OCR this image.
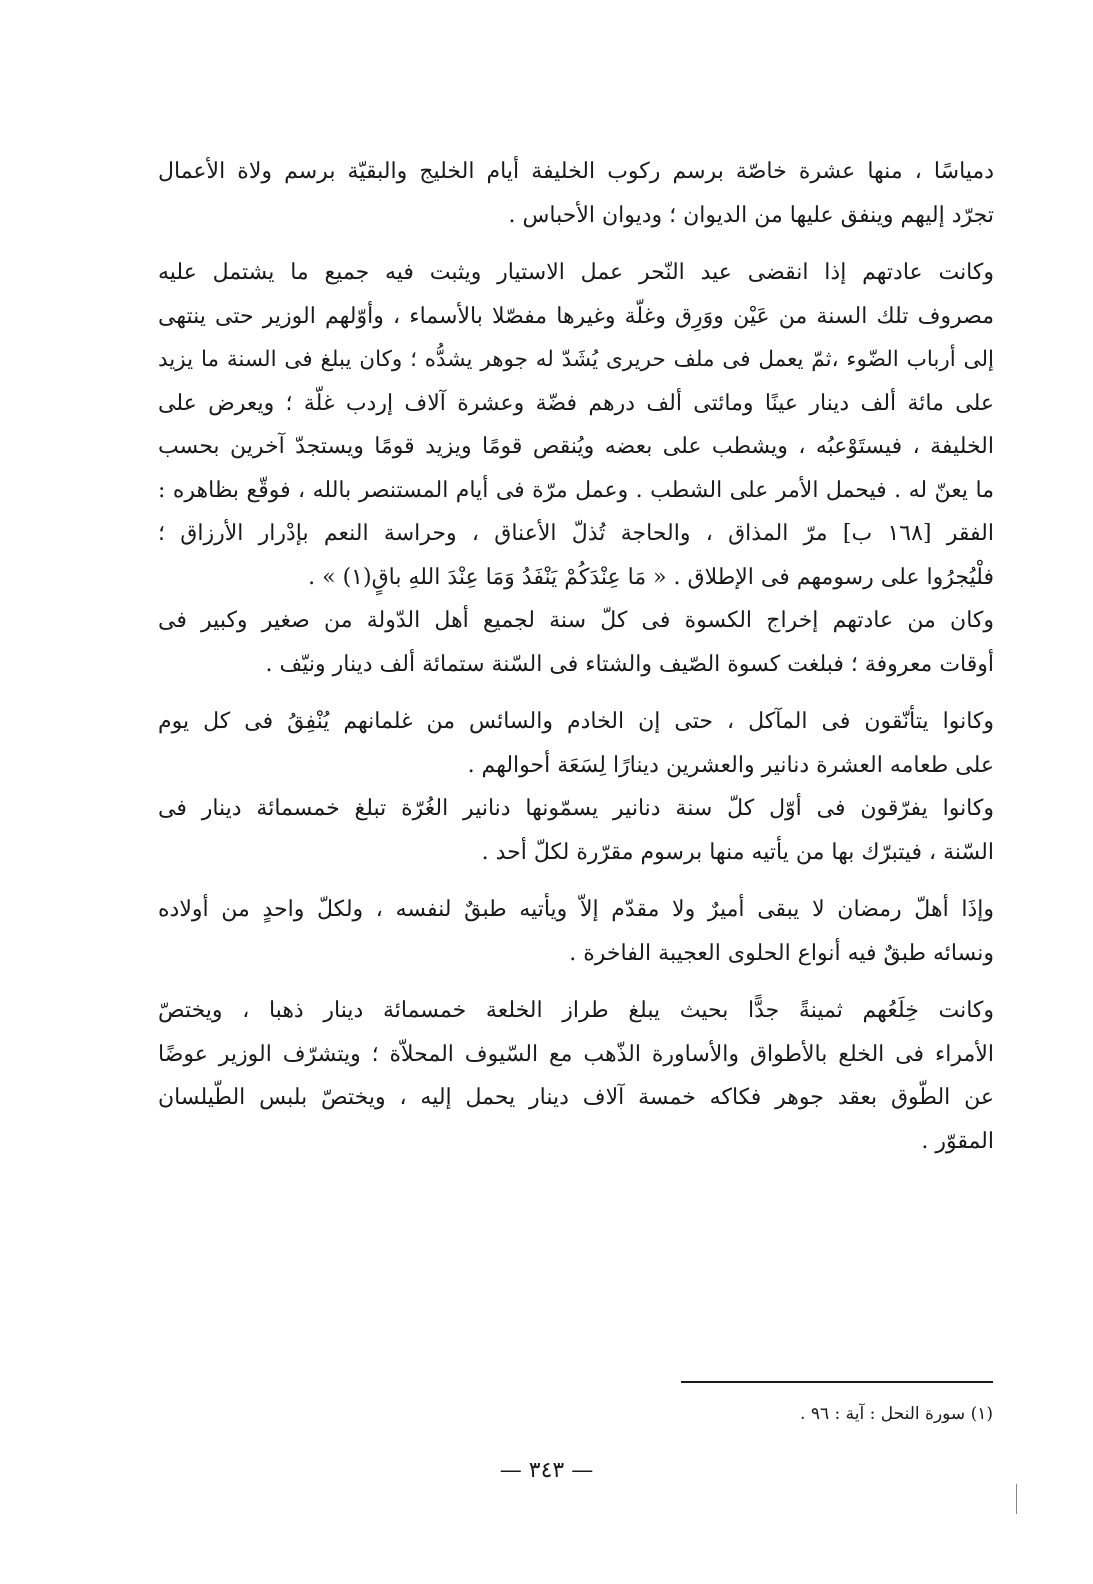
دمياسًا ، منها عشرة خاصّة برسم ركوب الخليفة أيام الخليج والبقيّة برسم ولاة الأعمال
تجرّد إليهم وينفق عليها من الديوان ؛ وديوان الأحباس .

وكانت عادتهم إذا انقضى عيد النّحر عمل الاستيار ويثبت فيه جميع ما يشتمل عليه
مصروف تلك السنة من عَيْن ووَرِق وغلّة وغيرها مفصّلا بالأسماء ، وأوّلهم الوزير حتى ينتهى
إلى أرباب الضّوء ،ثمّ يعمل فى ملف حريرى يُشَدّ له جوهر يشدُّه ؛ وكان يبلغ فى السنة ما يزيد
على مائة ألف دينار عينًا ومائتى ألف درهم فضّة وعشرة آلاف إردب غلّة ؛ ويعرض على
الخليفة ، فيستَوْعبُه ، ويشطب على بعضه ويُنقص قومًا ويزيد قومًا ويستجدّ آخرين بحسب
ما يعنّ له . فيحمل الأمر على الشطب . وعمل مرّة فى أيام المستنصر بالله ، فوقّع بظاهره :
الفقر [١٦٨ ب] مرّ المذاق ، والحاجة تُذلّ الأعناق ، وحراسة النعم بإدْرار الأرزاق ؛
فلْيُجرُوا على رسومهم فى الإطلاق . « مَا عِنْدَكُمْ يَنْفَدُ وَمَا عِنْدَ اللهِ باقٍ(١) » .

وكان من عادتهم إخراج الكسوة فى كلّ سنة لجميع أهل الدّولة من صغير وكبير فى
أوقات معروفة ؛ فبلغت كسوة الصّيف والشتاء فى السّنة ستمائة ألف دينار ونيّف .

وكانوا يتأنّقون فى المآكل ، حتى إن الخادم والسائس من غلمانهم يُنْفِقُ فى كل يوم
على طعامه العشرة دنانير والعشرين دينارًا لِسَعَة أحوالهم .

وكانوا يفرّقون فى أوّل كلّ سنة دنانير يسمّونها دنانير الغُرّة تبلغ خمسمائة دينار فى
السّنة ، فيتبرّك بها من يأتيه منها برسوم مقرّرة لكلّ أحد .

وإذَا أهلّ رمضان لا يبقى أميرٌ ولا مقدّم إلاّ ويأتيه طبقٌ لنفسه ، ولكلّ واحدٍ من أولاده
ونسائه طبقٌ فيه أنواع الحلوى العجيبة الفاخرة .

وكانت خِلَعُهم ثمينةً جدًّا بحيث يبلغ طراز الخلعة خمسمائة دينار ذهبا ، ويختصّ
الأمراء فى الخلع بالأطواق والأساورة الذّهب مع السّيوف المحلاّة ؛ ويتشرّف الوزير عوضًا
عن الطّوق بعقد جوهر فكاكه خمسة آلاف دينار يحمل إليه ، ويختصّ بلبس الطّيلسان
المقوّر .

(١) سورة النحل : آية : ٩٦ .
— ٣٤٣ —
